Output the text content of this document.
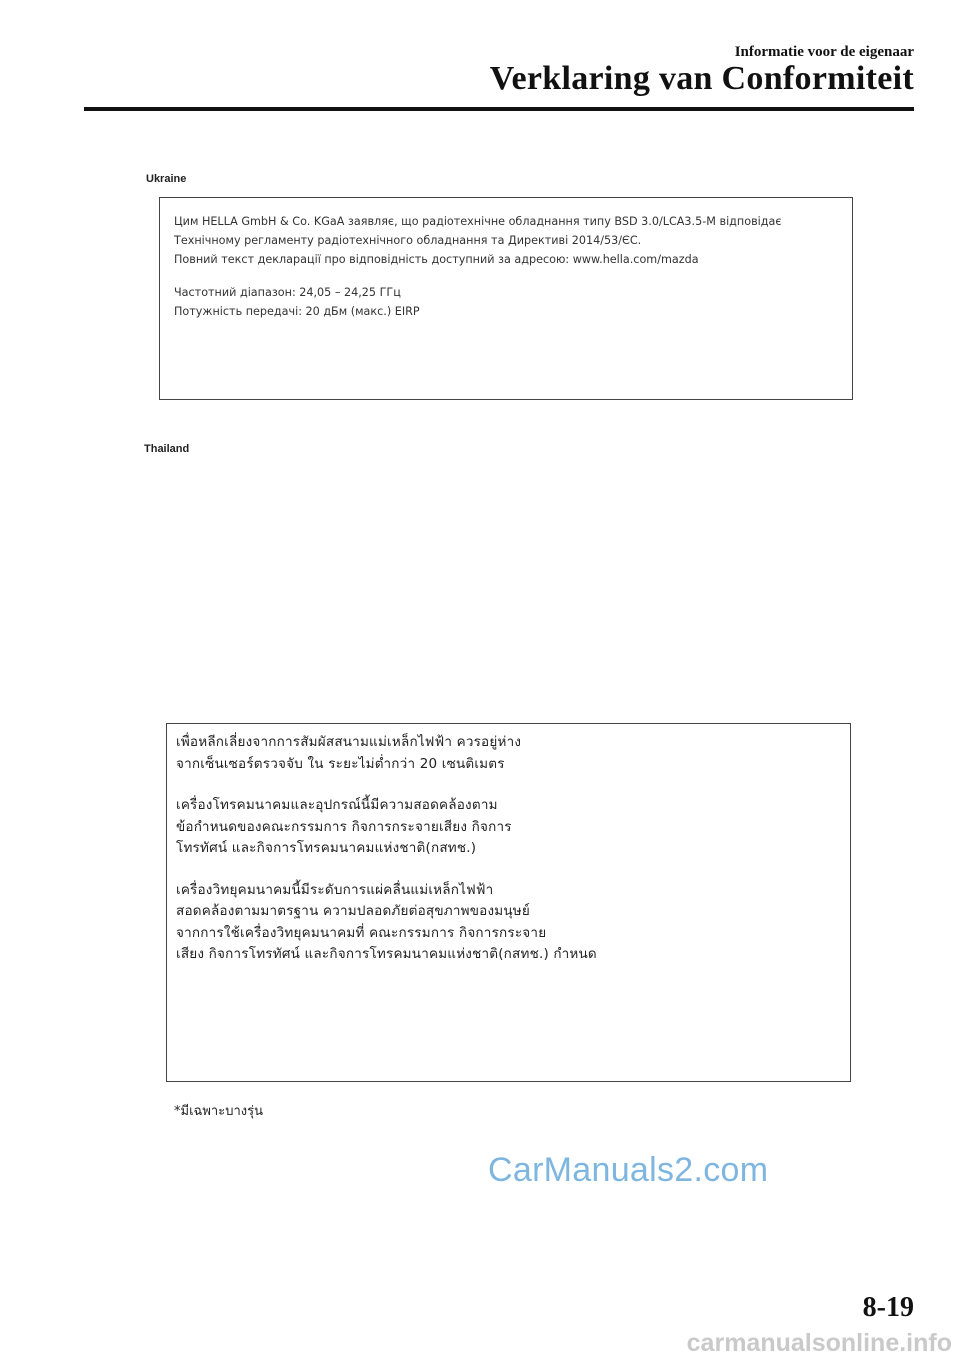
Informatie voor de eigenaar
Verklaring van Conformiteit
Ukraine

Цим HELLA GmbH & Co. KGaA заявляє, що радіотехнічне обладнання типу BSD 3.0/LCA3.5-M відповідає

Технічному регламенту радіотехнічного обладнання та Директиві 2014/53/ЄС.

Повний текст декларації про відповідність доступний за адресою: www.hella.com/mazda

Частотний діапазон: 24,05 – 24,25 ГГц

Потужність передачі: 20 дБм (макс.) EIRP

Thailand

เพื่อหลีกเลี่ยงจากการสัมผัสสนามแม่เหล็กไฟฟ้า ควรอยู่ห่าง

จากเซ็นเซอร์ตรวจจับ ใน ระยะไม่ต่ำกว่า 20 เซนติเมตร

เครื่องโทรคมนาคมและอุปกรณ์นี้มีความสอดคล้องตาม

ข้อกำหนดของคณะกรรมการ กิจการกระจายเสียง กิจการ

โทรทัศน์ และกิจการโทรคมนาคมแห่งชาติ(กสทช.)

เครื่องวิทยุคมนาคมนี้มีระดับการแผ่คลื่นแม่เหล็กไฟฟ้า

สอดคล้องตามมาตรฐาน ความปลอดภัยต่อสุขภาพของมนุษย์

จากการใช้เครื่องวิทยุคมนาคมที่ คณะกรรมการ กิจการกระจาย

เสียง กิจการโทรทัศน์ และกิจการโทรคมนาคมแห่งชาติ(กสทช.) กำหนด

*มีเฉพาะบางรุ่น
CarManuals2.com
8-19
carmanualsonline.info
